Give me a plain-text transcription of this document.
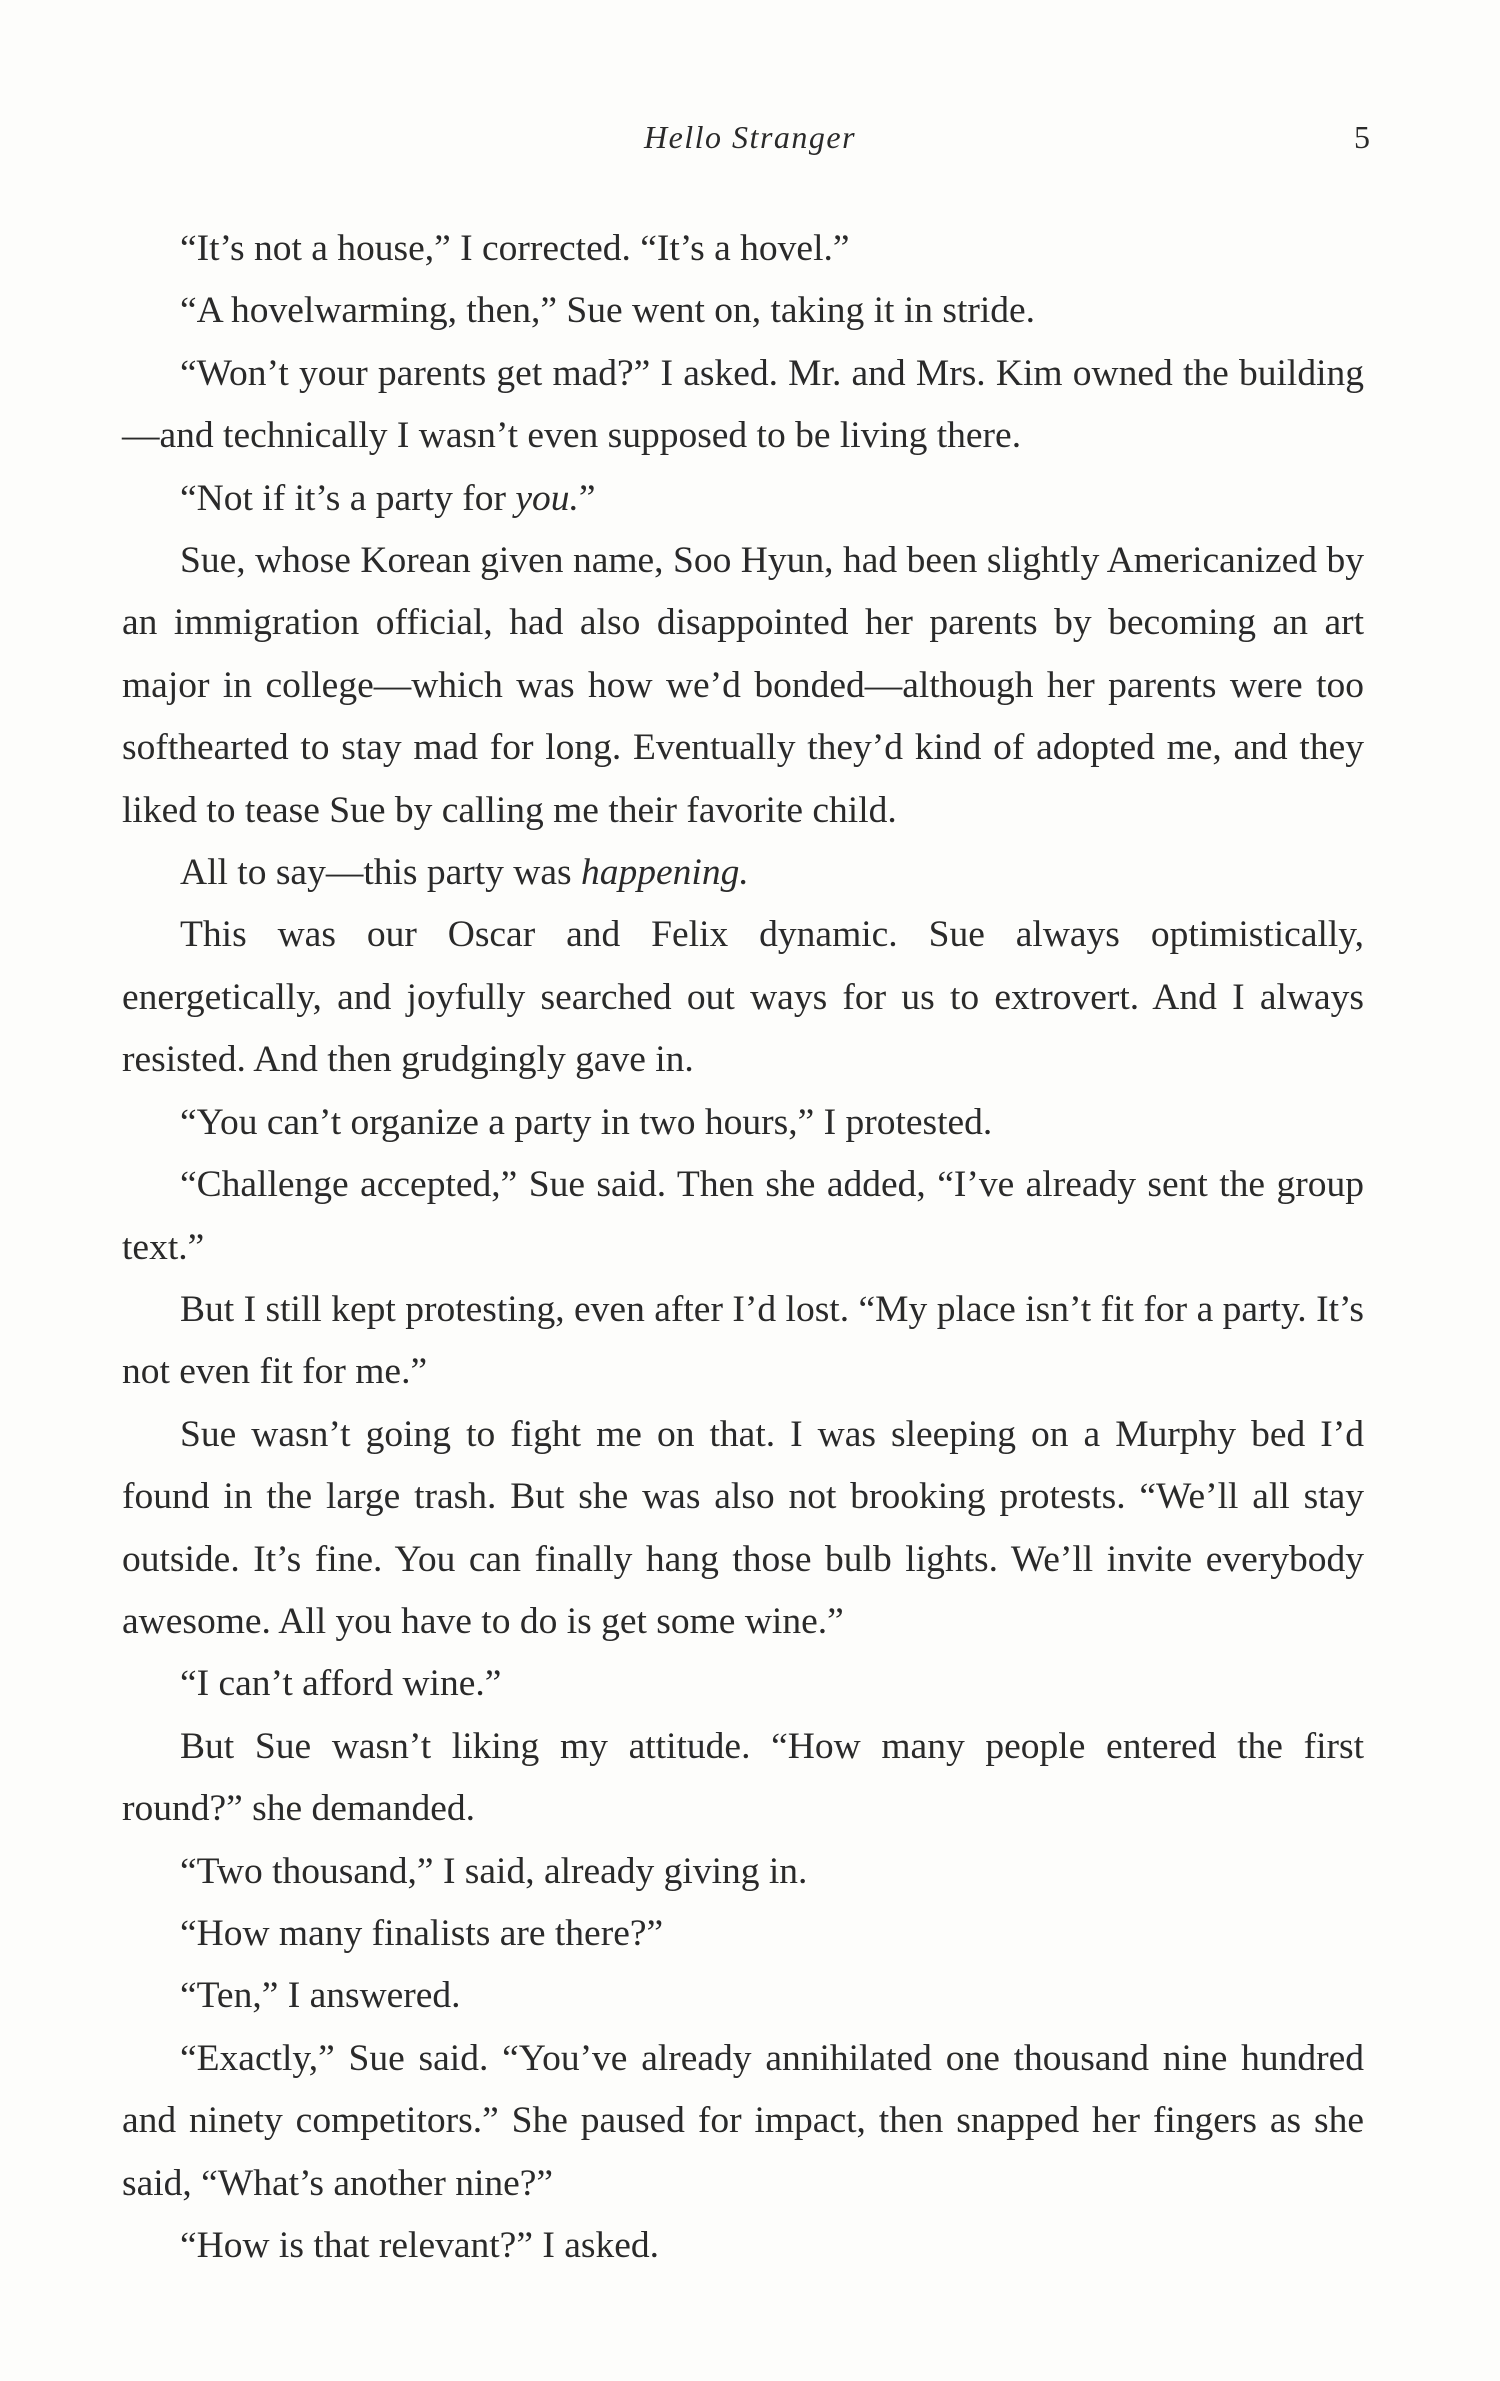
Hello Stranger	5

“It’s not a house,” I corrected. “It’s a hovel.”

“A hovelwarming, then,” Sue went on, taking it in stride.

“Won’t your parents get mad?” I asked. Mr. and Mrs. Kim owned the building—and technically I wasn’t even supposed to be living there.

“Not if it’s a party for you.”

Sue, whose Korean given name, Soo Hyun, had been slightly Americanized by an immigration official, had also disappointed her parents by becoming an art major in college—which was how we’d bonded—although her parents were too softhearted to stay mad for long. Eventually they’d kind of adopted me, and they liked to tease Sue by calling me their favorite child.

All to say—this party was happening.

This was our Oscar and Felix dynamic. Sue always optimistically, energetically, and joyfully searched out ways for us to extrovert. And I always resisted. And then grudgingly gave in.

“You can’t organize a party in two hours,” I protested.

“Challenge accepted,” Sue said. Then she added, “I’ve already sent the group text.”

But I still kept protesting, even after I’d lost. “My place isn’t fit for a party. It’s not even fit for me.”

Sue wasn’t going to fight me on that. I was sleeping on a Murphy bed I’d found in the large trash. But she was also not brooking protests. “We’ll all stay outside. It’s fine. You can finally hang those bulb lights. We’ll invite everybody awesome. All you have to do is get some wine.”

“I can’t afford wine.”

But Sue wasn’t liking my attitude. “How many people entered the first round?” she demanded.

“Two thousand,” I said, already giving in.

“How many finalists are there?”

“Ten,” I answered.

“Exactly,” Sue said. “You’ve already annihilated one thousand nine hundred and ninety competitors.” She paused for impact, then snapped her fingers as she said, “What’s another nine?”

“How is that relevant?” I asked.
